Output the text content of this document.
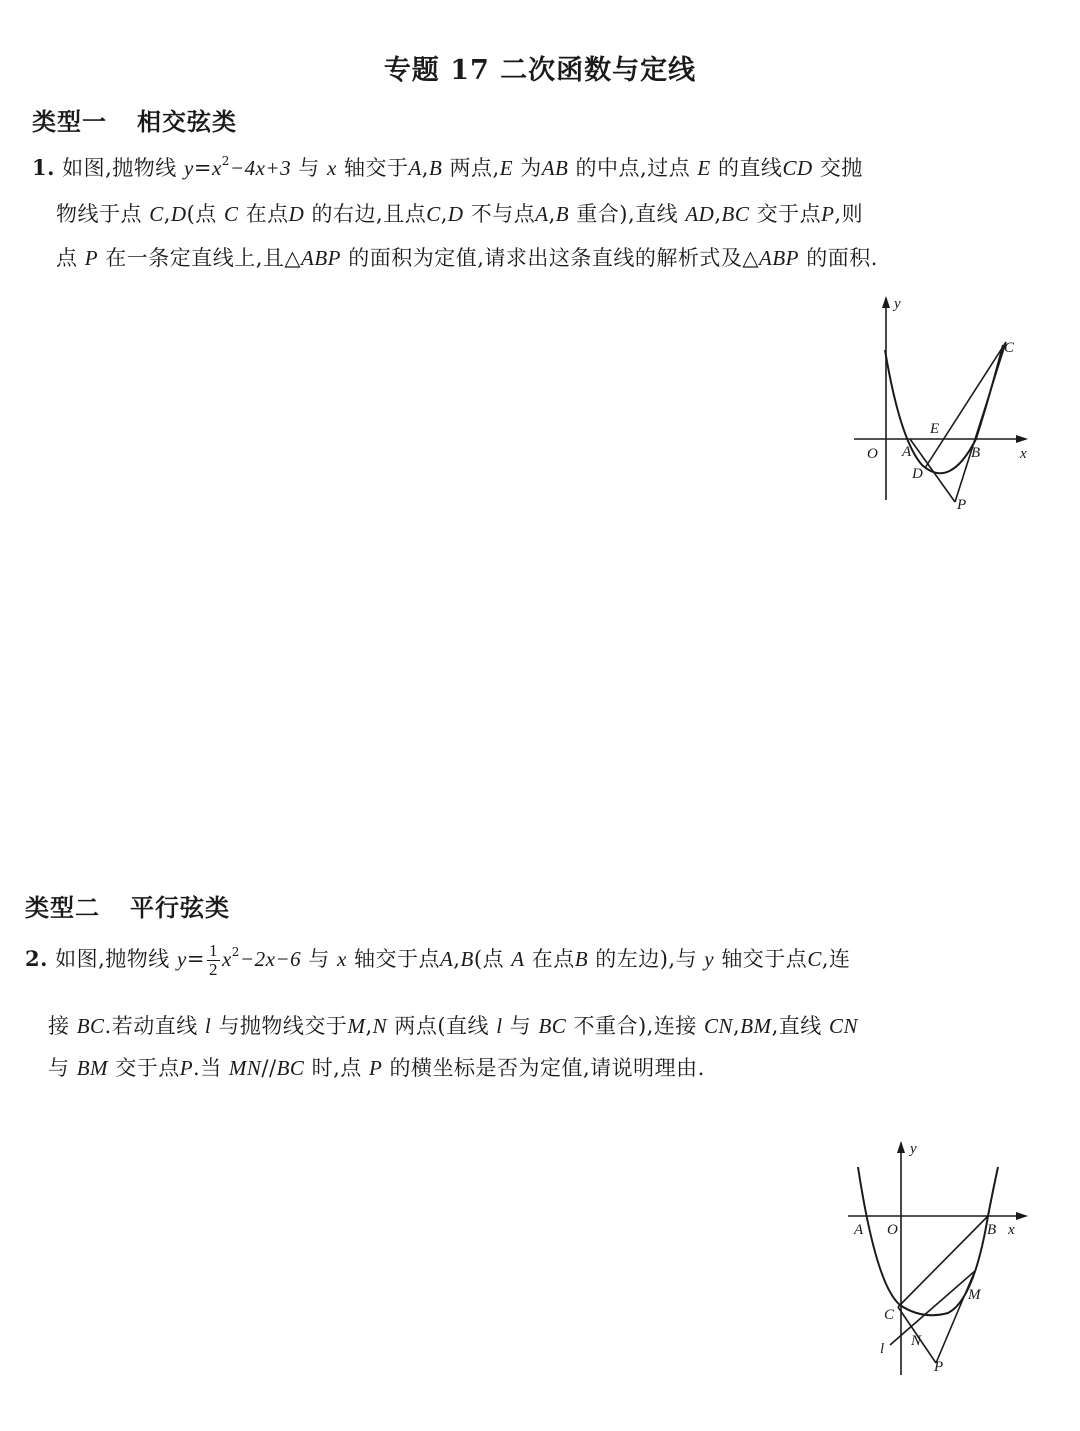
专题 17 二次函数与定线
类型一 相交弦类
1. 如图,抛物线 $y=x^2-4x+3$ 与 x 轴交于A,B 两点,E 为AB 的中点,过点 E 的直线CD 交抛
物线于点 C,D(点 C 在点D 的右边,且点C,D 不与点A,B 重合),直线 AD,BC 交于点P,则
点 P 在一条定直线上,且△ABP 的面积为定值,请求出这条直线的解析式及△ABP 的面积.
y
x
O A
E
B
D
C
P
类型二 平行弦类
2. 如图,抛物线 $y= \frac{1}{2} x^2-2x-6$ 与 x 轴交于点A,B(点 A 在点B 的左边),与 y 轴交于点C,连
接 BC.若动直线 l 与抛物线交于M,N 两点(直线 l 与 BC 不重合),连接 CN,BM,直线 CN
与 BM 交于点P.当 MN//BC 时,点 P 的横坐标是否为定值,请说明理由.
y
x
A O	B
C
M
N
l
P
